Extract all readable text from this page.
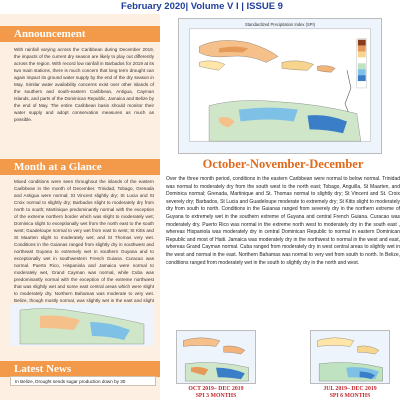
February 2020| Volume V I | ISSUE 9
Announcement
With rainfall varying across the Caribbean during December 2019, the impacts of the current dry season are likely to play out differently across the region. With record low rainfall in Barbados for 2019 at its two main stations, there is much concern that long term drought can again impact its ground water supply by the end of the dry season in May. Similar water availability concerns exist over other islands of the southern and south-eastern Caribbean, Antigua, Cayman Islands, and parts of the Dominican Republic, Jamaica and Belize by the end of May. The entire Caribbean basin should monitor their water supply and adopt conservation measures as much as possible.
Month at a Glance
Mixed conditions were seen throughout the islands of the eastern Caribbean in the month of December. Trinidad, Tobago, Grenada and Antigua were normal; St Vincent slightly dry; St Lucia and St Croix normal to slightly dry; Barbados slight to moderately dry from north to south; Martinique predominantly normal with the exception of the extreme northern border which was slight to moderately wet; Dominica slight to exceptionally wet from the north east to the south west; Guadeloupe normal to very wet from east to west; St Kitts and St Maarten slight to moderately wet; and St Thomas very wet. Conditions in the Guianas ranged from slightly dry in southwest and northeast Guyana to extremely wet in southern Guyana and to exceptionally wet in southwestern French Guiana. Curacao was normal. Puerto Rico, Hispaniola and Jamaica were normal to moderately wet, Grand Cayman was normal, while Cuba was predominantly normal with the exception of the extreme northwest that was slightly wet and some east central areas which were slight to moderately dry. Northern Bahamas was moderate to very wet. Belize, though mostly normal, was slightly wet in the east and slight
Latest News
In Belize, Drought sends sugar production down by 30
Standardized Precipitation Index (SPI)
October-November-December
Over the three month period, conditions in the eastern Caribbean were normal to below normal. Trinidad was normal to moderately dry from the south west to the north east; Tobago, Anguilla, St Maarten, and Dominica normal; Grenada, Martinique and St. Thomas normal to slightly dry; St Vincent and St. Croix severely dry; Barbados, St Lucia and Guadeloupe moderate to extremely dry; St Kitts slight to moderately dry from south to north. Conditions in the Guianas ranged from severely dry in the northern extreme of Guyana to extremely wet in the southern extreme of Guyana and central French Guiana. Curacao was moderately dry. Puerto Rico was normal in the extreme north west to moderately dry in the south east , whereas Hispaniola was moderately dry in central Dominican Republic to normal in eastern Dominican Republic and most of Haiti. Jamaica was moderately dry in the northwest to normal in the west and east, whereas Grand Cayman normal. Cuba ranged from moderately dry in west central areas to slightly wet in the west and normal in the east. Northern Bahamas was normal to very wet from south to north. In Belize, conditions ranged from moderately wet in the south to slightly dry in the north and west.
OCT 2019– DEC 2019
SPI 3 MONTHS
JUL 2019– DEC 2019
SPI 6 MONTHS
